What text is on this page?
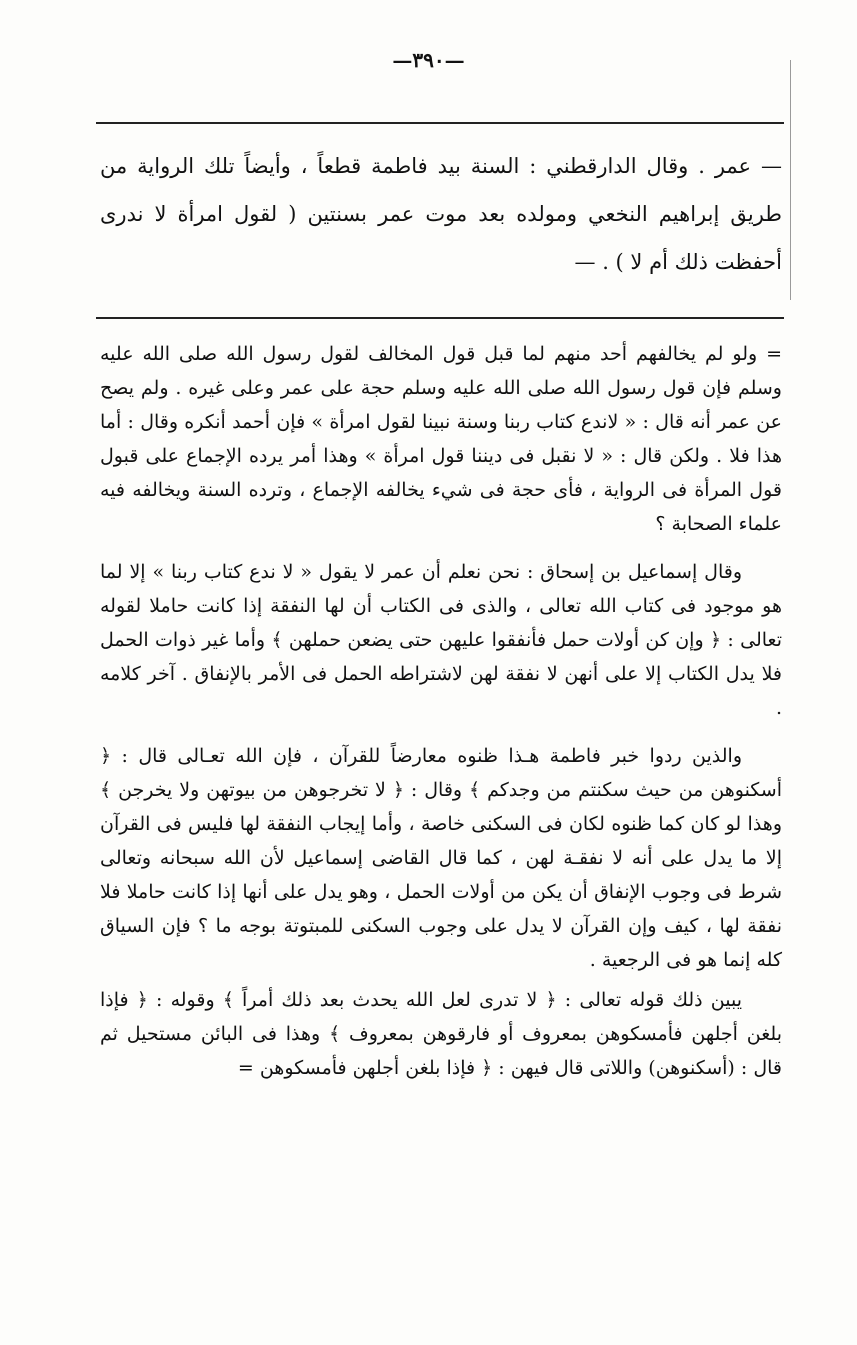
—٣٩٠—

— عمر . وقال الدارقطني : السنة بيد فاطمة قطعاً ، وأيضاً تلك الرواية من طريق إبراهيم النخعي ومولده بعد موت عمر بسنتين ( لقول امرأة لا ندرى أحفظت ذلك أم لا ) . —

= ولو لم يخالفهم أحد منهم لما قبل قول المخالف لقول رسول الله صلى الله عليه وسلم فإن قول رسول الله صلى الله عليه وسلم حجة على عمر وعلى غيره . ولم يصح عن عمر أنه قال : « لاندع كتاب ربنا وسنة نبينا لقول امرأة » فإن أحمد أنكره وقال : أما هذا فلا . ولكن قال : « لا نقبل فى ديننا قول امرأة » وهذا أمر يرده الإجماع على قبول قول المرأة فى الرواية ، فأى حجة فى شيء يخالفه الإجماع ، وترده السنة ويخالفه فيه علماء الصحابة ؟

وقال إسماعيل بن إسحاق : نحن نعلم أن عمر لا يقول « لا ندع كتاب ربنا » إلا لما هو موجود فى كتاب الله تعالى ، والذى فى الكتاب أن لها النفقة إذا كانت حاملا لقوله تعالى : ﴿ وإن كن أولات حمل فأنفقوا عليهن حتى يضعن حملهن ﴾ وأما غير ذوات الحمل فلا يدل الكتاب إلا على أنهن لا نفقة لهن لاشتراطه الحمل فى الأمر بالإنفاق . آخر كلامه .

والذين ردوا خبر فاطمة هـذا ظنوه معارضاً للقرآن ، فإن الله تعـالى قال : ﴿ أسكنوهن من حيث سكنتم من وجدكم ﴾ وقال : ﴿ لا تخرجوهن من بيوتهن ولا يخرجن ﴾ وهذا لو كان كما ظنوه لكان فى السكنى خاصة ، وأما إيجاب النفقة لها فليس فى القرآن إلا ما يدل على أنه لا نفقـة لهن ، كما قال القاضى إسماعيل لأن الله سبحانه وتعالى شرط فى وجوب الإنفاق أن يكن من أولات الحمل ، وهو يدل على أنها إذا كانت حاملا فلا نفقة لها ، كيف وإن القرآن لا يدل على وجوب السكنى للمبتوتة بوجه ما ؟ فإن السياق كله إنما هو فى الرجعية .

يبين ذلك قوله تعالى : ﴿ لا تدرى لعل الله يحدث بعد ذلك أمراً ﴾ وقوله : ﴿ فإذا بلغن أجلهن فأمسكوهن بمعروف أو فارقوهن بمعروف ﴾ وهذا فى البائن مستحيل ثم قال : (أسكنوهن) واللاتى قال فيهن : ﴿ فإذا بلغن أجلهن فأمسكوهن =
